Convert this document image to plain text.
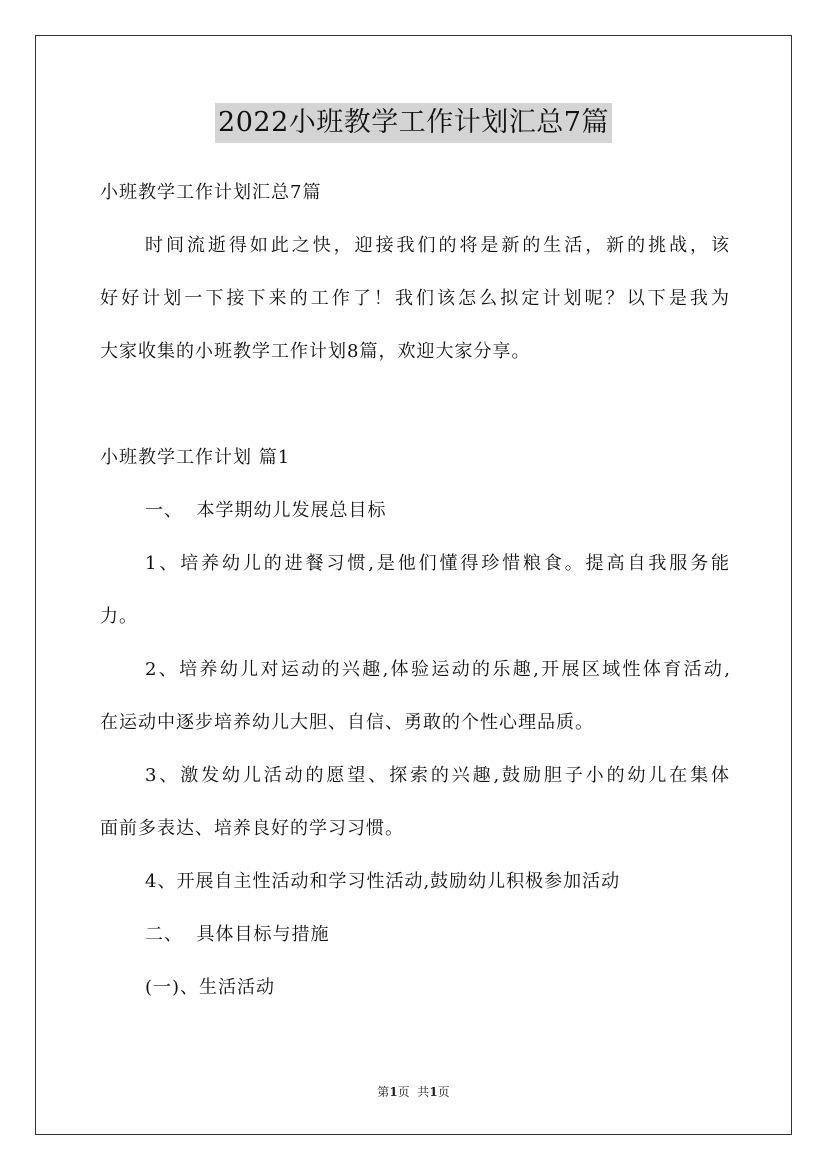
2022小班教学工作计划汇总7篇
小班教学工作计划汇总7篇
时间流逝得如此之快，迎接我们的将是新的生活，新的挑战，该
好好计划一下接下来的工作了！我们该怎么拟定计划呢？以下是我为
大家收集的小班教学工作计划8篇，欢迎大家分享。
小班教学工作计划 篇1
一、  本学期幼儿发展总目标
1、培养幼儿的进餐习惯,是他们懂得珍惜粮食。提高自我服务能
力。
2、培养幼儿对运动的兴趣,体验运动的乐趣,开展区域性体育活动,
在运动中逐步培养幼儿大胆、自信、勇敢的个性心理品质。
3、激发幼儿活动的愿望、探索的兴趣,鼓励胆子小的幼儿在集体
面前多表达、培养良好的学习习惯。
4、开展自主性活动和学习性活动,鼓励幼儿积极参加活动
二、  具体目标与措施
(一)、生活活动
第1页  共1页
